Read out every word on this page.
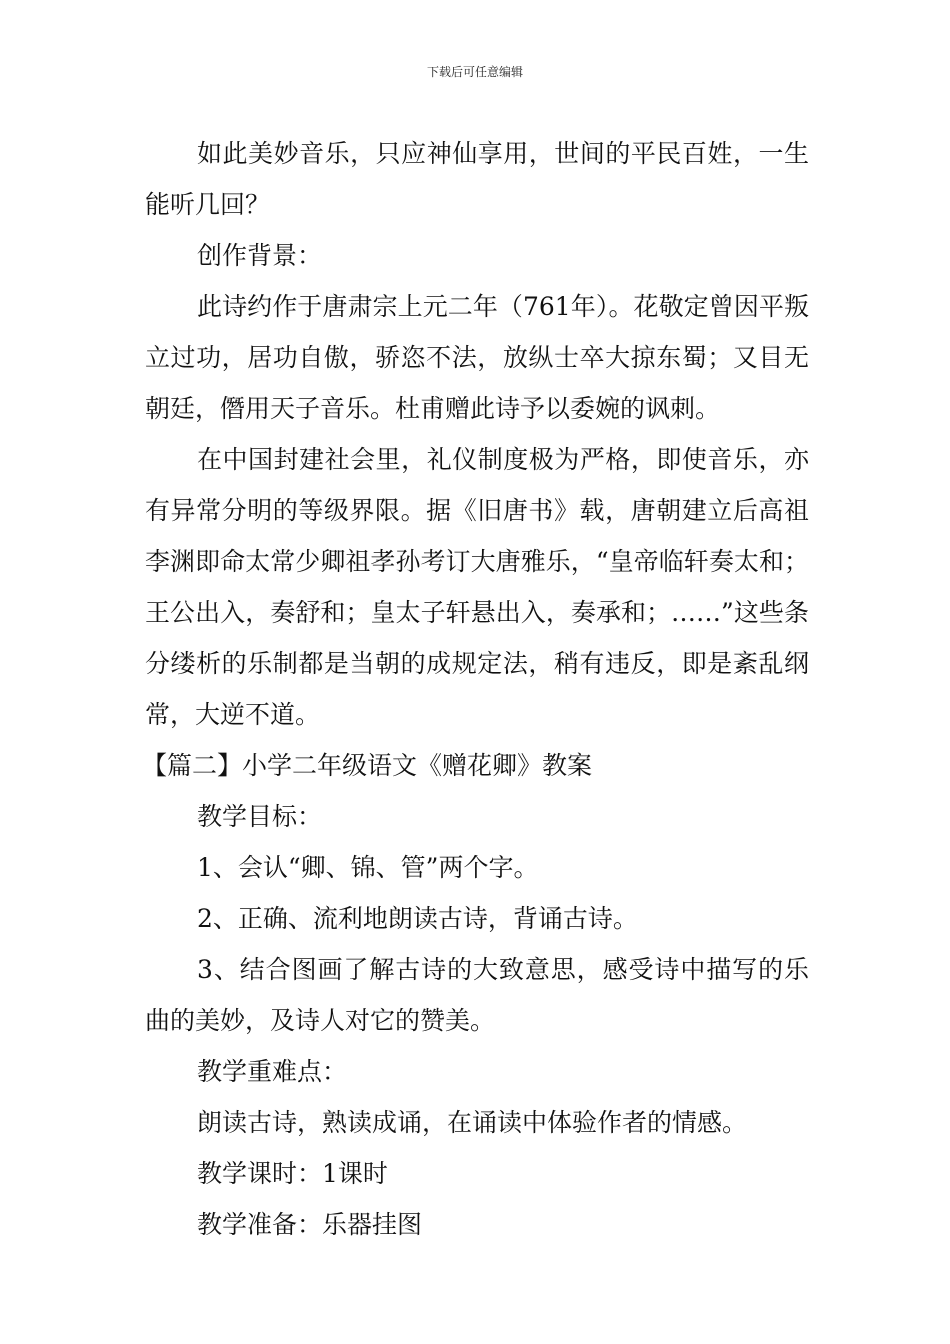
下载后可任意编辑

如此美妙音乐，只应神仙享用，世间的平民百姓，一生能听几回？

创作背景：

此诗约作于唐肃宗上元二年（761年）。花敬定曾因平叛立过功，居功自傲，骄恣不法，放纵士卒大掠东蜀；又目无朝廷，僭用天子音乐。杜甫赠此诗予以委婉的讽刺。

在中国封建社会里，礼仪制度极为严格，即使音乐，亦有异常分明的等级界限。据《旧唐书》载，唐朝建立后高祖李渊即命太常少卿祖孝孙考订大唐雅乐，“皇帝临轩奏太和；王公出入，奏舒和；皇太子轩悬出入，奏承和；……”这些条分缕析的乐制都是当朝的成规定法，稍有违反，即是紊乱纲常，大逆不道。

【篇二】小学二年级语文《赠花卿》教案

教学目标：

1、会认“卿、锦、管”两个字。

2、正确、流利地朗读古诗，背诵古诗。

3、结合图画了解古诗的大致意思，感受诗中描写的乐曲的美妙，及诗人对它的赞美。

教学重难点：

朗读古诗，熟读成诵，在诵读中体验作者的情感。

教学课时：1课时

教学准备：乐器挂图
